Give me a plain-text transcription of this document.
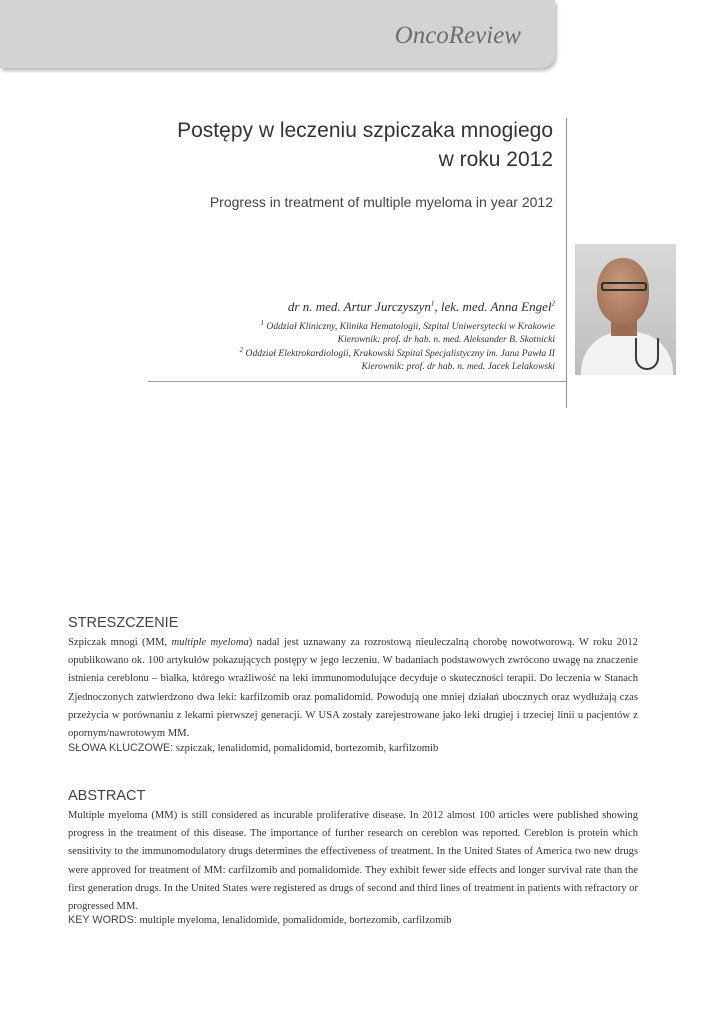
OncoReview
Postępy w leczeniu szpiczaka mnogiego
w roku 2012
Progress in treatment of multiple myeloma in year 2012
dr n. med. Artur Jurczyszyn$^1$, lek. med. Anna Engel$^2$
$^1$ Oddział Kliniczny, Klinika Hematologii, Szpital Uniwersytecki w Krakowie
Kierownik: prof. dr hab. n. med. Aleksander B. Skotnicki
$^2$ Oddział Elektrokardiologii, Krakowski Szpital Specjalistyczny im. Jana Pawła II
Kierownik: prof. dr hab. n. med. Jacek Lelakowski
STRESZCZENIE
Szpiczak mnogi (MM, multiple myeloma) nadal jest uznawany za rozrostową nieuleczalną chorobę nowotworową. W roku 2012 opublikowano ok. 100 artykułów pokazujących postępy w jego leczeniu. W badaniach podstawowych zwrócono uwagę na znaczenie istnienia cereblonu – białka, którego wrażliwość na leki immunomodulujące decyduje o skuteczności terapii. Do leczenia w Stanach Zjednoczonych zatwierdzono dwa leki: karfilzomib oraz pomalidomid. Powodują one mniej działań ubocznych oraz wydłużają czas przeżycia w porównaniu z lekami pierwszej generacji. W USA zostały zarejestrowane jako leki drugiej i trzeciej linii u pacjentów z opornym/nawrotowym MM.
SŁOWA KLUCZOWE: szpiczak, lenalidomid, pomalidomid, bortezomib, karfilzomib
ABSTRACT
Multiple myeloma (MM) is still considered as incurable proliferative disease. In 2012 almost 100 articles were published showing progress in the treatment of this disease. The importance of further research on cereblon was reported. Cereblon is protein which sensitivity to the immunomodulatory drugs determines the effectiveness of treatment. In the United States of America two new drugs were approved for treatment of MM: carfilzomib and pomalidomide. They exhibit fewer side effects and longer survival rate than the first generation drugs. In the United States were registered as drugs of second and third lines of treatment in patients with refractory or progressed MM.
KEY WORDS: multiple myeloma, lenalidomide, pomalidomide, bortezomib, carfilzomib
